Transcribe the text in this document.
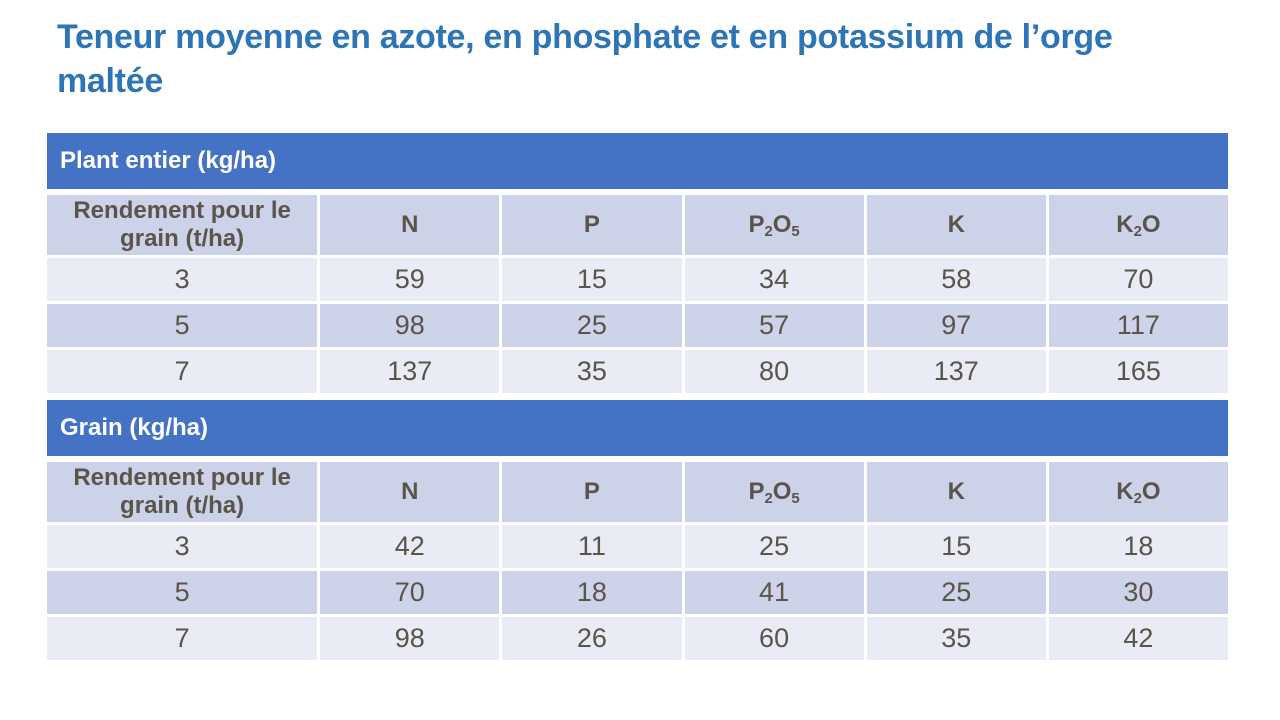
Teneur moyenne en azote, en phosphate et en potassium de l’orge maltée
Plant entier (kg/ha)
Rendement pour le grain (t/ha)	N	P	$P_2O_5$	K	$K_2O$
3	59	15	34	58	70
5	98	25	57	97	117
7	137	35	80	137	165
Grain (kg/ha)
Rendement pour le grain (t/ha)	N	P	$P_2O_5$	K	$K_2O$
3	42	11	25	15	18
5	70	18	41	25	30
7	98	26	60	35	42
